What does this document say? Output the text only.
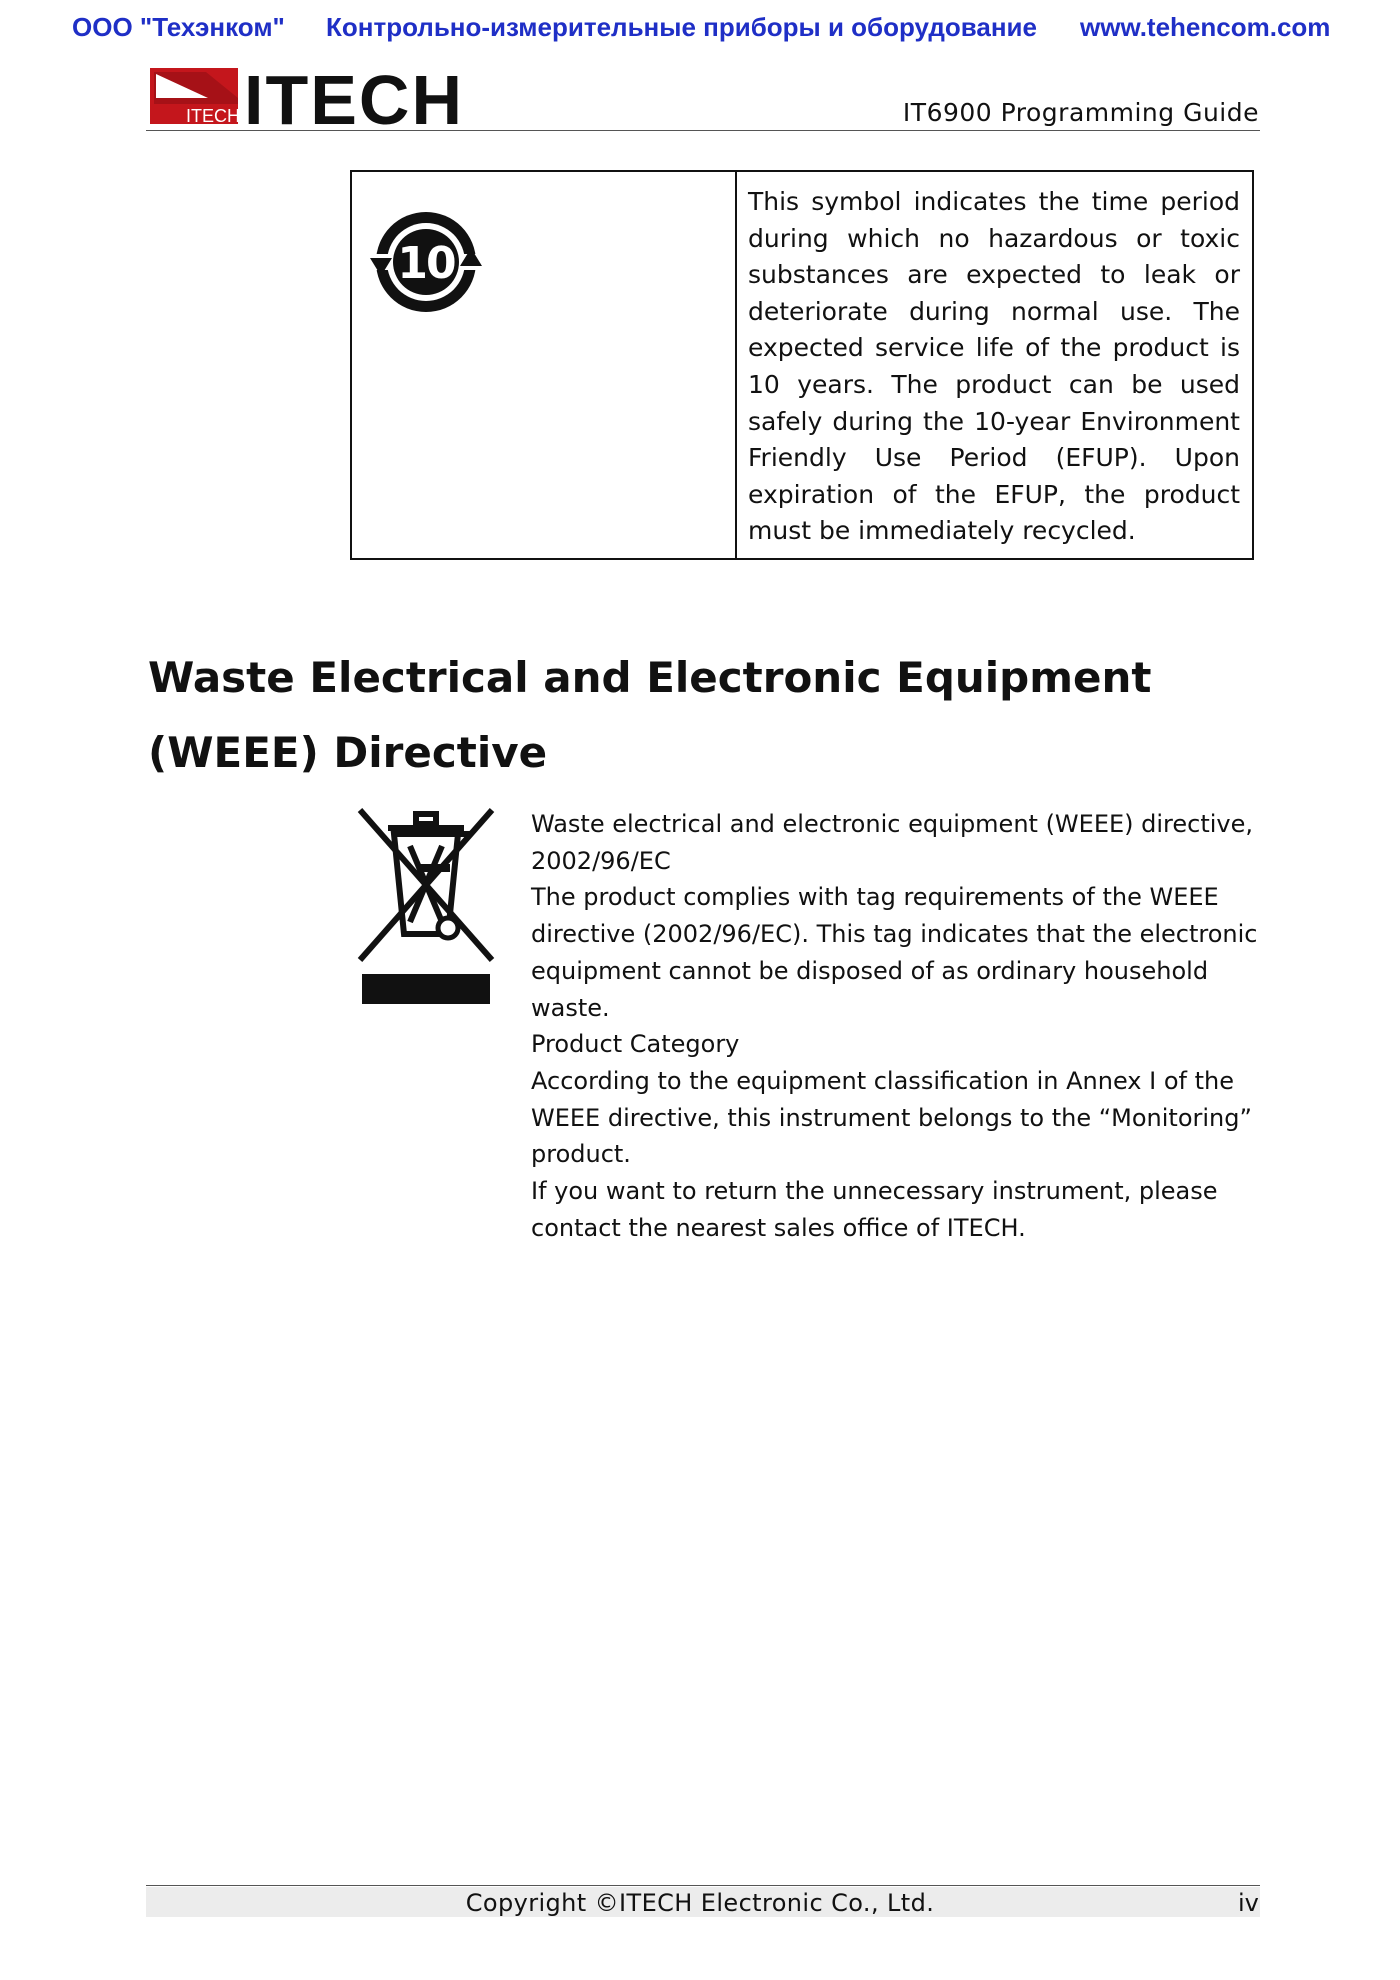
ООО "Техэнком" Контрольно-измерительные приборы и оборудование www.tehencom.com
ITECH ITECH	IT6900 Programming Guide
10
This symbol indicates the time period during which no hazardous or toxic substances are expected to leak or deteriorate during normal use. The expected service life of the product is 10 years. The product can be used safely during the 10-year Environment Friendly Use Period (EFUP). Upon expiration of the EFUP, the product must be immediately recycled.
Waste Electrical and Electronic Equipment (WEEE) Directive

Waste electrical and electronic equipment (WEEE) directive, 2002/96/EC

The product complies with tag requirements of the WEEE directive (2002/96/EC). This tag indicates that the electronic equipment cannot be disposed of as ordinary household waste.

Product Category

According to the equipment classification in Annex I of the WEEE directive, this instrument belongs to the “Monitoring” product.

If you want to return the unnecessary instrument, please contact the nearest sales office of ITECH.

Copyright ©ITECH Electronic Co., Ltd.	iv
